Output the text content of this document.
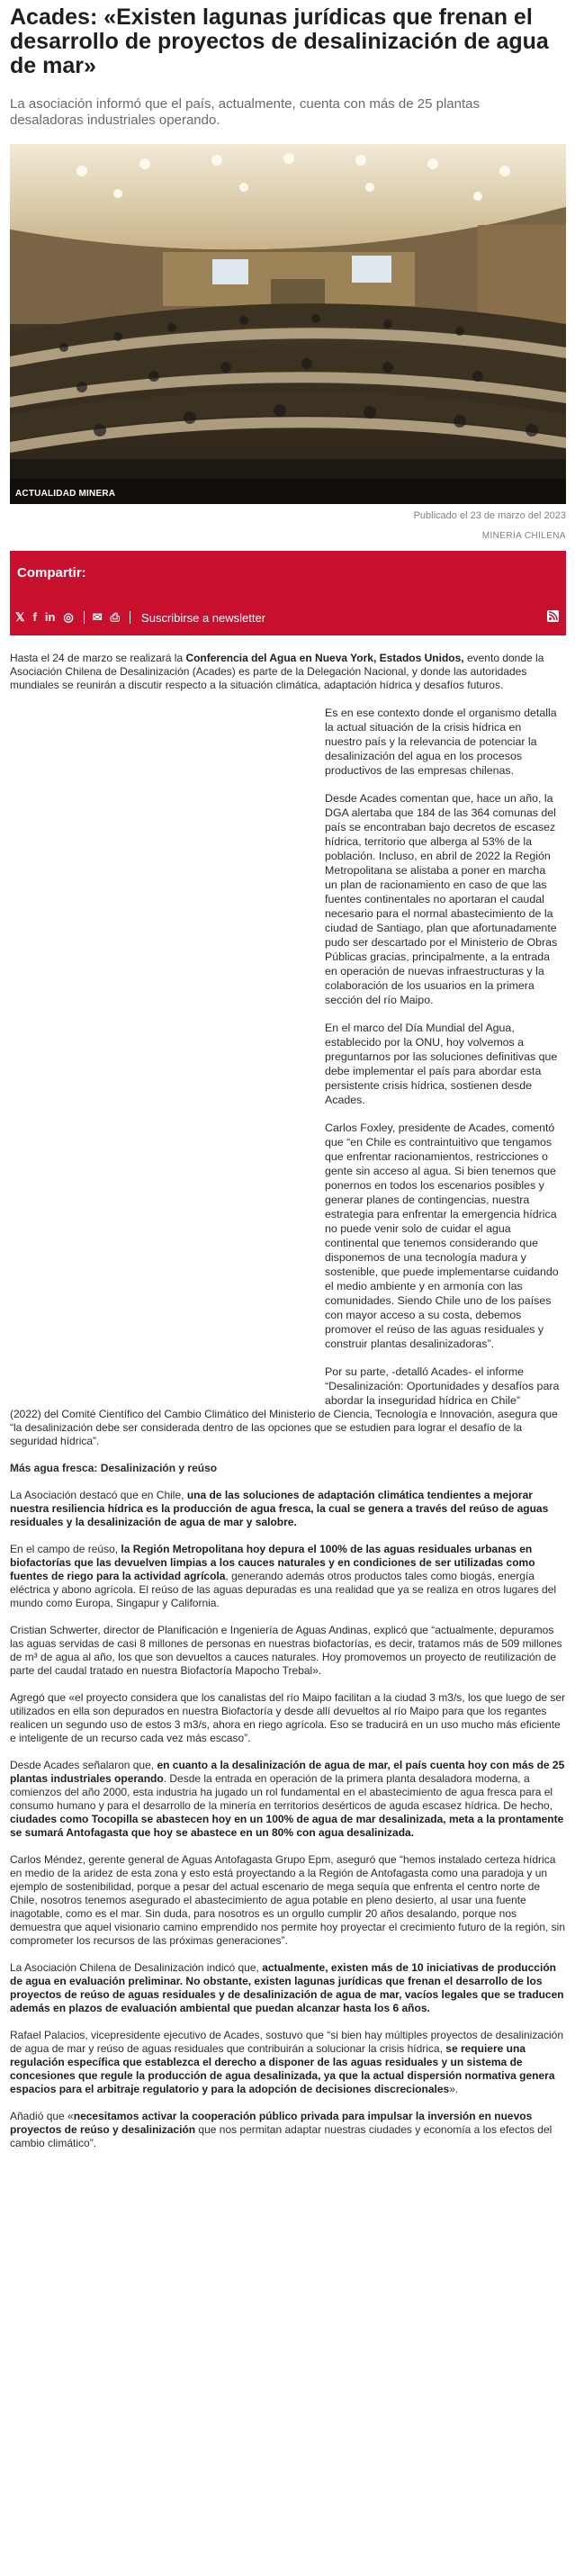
Acades: «Existen lagunas jurídicas que frenan el desarrollo de proyectos de desalinización de agua de mar»

La asociación informó que el país, actualmente, cuenta con más de 25 plantas desaladoras industriales operando.

ACTUALIDAD MINERA
Publicado el 23 de marzo del 2023
MINERÍA CHILENA
Compartir:
𝕏 f in ◎ ✉ ⎙ Suscribirse a newsletter

Hasta el 24 de marzo se realizará la Conferencia del Agua en Nueva York, Estados Unidos, evento donde la Asociación Chilena de Desalinización (Acades) es parte de la Delegación Nacional, y donde las autoridades mundiales se reunirán a discutir respecto a la situación climática, adaptación hídrica y desafíos futuros.

Es en ese contexto donde el organismo detalla la actual situación de la crisis hídrica en nuestro país y la relevancia de potenciar la desalinización del agua en los procesos productivos de las empresas chilenas.

Desde Acades comentan que, hace un año, la DGA alertaba que 184 de las 364 comunas del país se encontraban bajo decretos de escasez hídrica, territorio que alberga al 53% de la población. Incluso, en abril de 2022 la Región Metropolitana se alistaba a poner en marcha un plan de racionamiento en caso de que las fuentes continentales no aportaran el caudal necesario para el normal abastecimiento de la ciudad de Santiago, plan que afortunadamente pudo ser descartado por el Ministerio de Obras Públicas gracias, principalmente, a la entrada en operación de nuevas infraestructuras y la colaboración de los usuarios en la primera sección del río Maipo.

En el marco del Día Mundial del Agua, establecido por la ONU, hoy volvemos a preguntarnos por las soluciones definitivas que debe implementar el país para abordar esta persistente crisis hídrica, sostienen desde Acades.

Carlos Foxley, presidente de Acades, comentó que “en Chile es contraintuitivo que tengamos que enfrentar racionamientos, restricciones o gente sin acceso al agua. Si bien tenemos que ponernos en todos los escenarios posibles y generar planes de contingencias, nuestra estrategia para enfrentar la emergencia hídrica no puede venir solo de cuidar el agua continental que tenemos considerando que disponemos de una tecnología madura y sostenible, que puede implementarse cuidando el medio ambiente y en armonía con las comunidades. Siendo Chile uno de los países con mayor acceso a su costa, debemos promover el reúso de las aguas residuales y construir plantas desalinizadoras”.

Por su parte, -detalló Acades- el informe “Desalinización: Oportunidades y desafíos para abordar la inseguridad hídrica en Chile”

(2022) del Comité Científico del Cambio Climático del Ministerio de Ciencia, Tecnología e Innovación, asegura que “la desalinización debe ser considerada dentro de las opciones que se estudien para lograr el desafío de la seguridad hídrica”.

Más agua fresca: Desalinización y reúso

La Asociación destacó que en Chile, una de las soluciones de adaptación climática tendientes a mejorar nuestra resiliencia hídrica es la producción de agua fresca, la cual se genera a través del reúso de aguas residuales y la desalinización de agua de mar y salobre.

En el campo de reúso, la Región Metropolitana hoy depura el 100% de las aguas residuales urbanas en biofactorías que las devuelven limpias a los cauces naturales y en condiciones de ser utilizadas como fuentes de riego para la actividad agrícola, generando además otros productos tales como biogás, energía eléctrica y abono agrícola. El reúso de las aguas depuradas es una realidad que ya se realiza en otros lugares del mundo como Europa, Singapur y California.

Cristian Schwerter, director de Planificación e Ingeniería de Aguas Andinas, explicó que “actualmente, depuramos las aguas servidas de casi 8 millones de personas en nuestras biofactorías, es decir, tratamos más de 509 millones de m³ de agua al año, los que son devueltos a cauces naturales. Hoy promovemos un proyecto de reutilización de parte del caudal tratado en nuestra Biofactoría Mapocho Trebal».

Agregó que «el proyecto considera que los canalistas del río Maipo facilitan a la ciudad 3 m3/s, los que luego de ser utilizados en ella son depurados en nuestra Biofactoría y desde allí devueltos al río Maipo para que los regantes realicen un segundo uso de estos 3 m3/s, ahora en riego agrícola. Eso se traducirá en un uso mucho más eficiente e inteligente de un recurso cada vez más escaso”.

Desde Acades señalaron que, en cuanto a la desalinización de agua de mar, el país cuenta hoy con más de 25 plantas industriales operando. Desde la entrada en operación de la primera planta desaladora moderna, a comienzos del año 2000, esta industria ha jugado un rol fundamental en el abastecimiento de agua fresca para el consumo humano y para el desarrollo de la minería en territorios desérticos de aguda escasez hídrica. De hecho, ciudades como Tocopilla se abastecen hoy en un 100% de agua de mar desalinizada, meta a la prontamente se sumará Antofagasta que hoy se abastece en un 80% con agua desalinizada.

Carlos Méndez, gerente general de Aguas Antofagasta Grupo Epm, aseguró que “hemos instalado certeza hídrica en medio de la aridez de esta zona y esto está proyectando a la Región de Antofagasta como una paradoja y un ejemplo de sostenibilidad, porque a pesar del actual escenario de mega sequía que enfrenta el centro norte de Chile, nosotros tenemos asegurado el abastecimiento de agua potable en pleno desierto, al usar una fuente inagotable, como es el mar. Sin duda, para nosotros es un orgullo cumplir 20 años desalando, porque nos demuestra que aquel visionario camino emprendido nos permite hoy proyectar el crecimiento futuro de la región, sin comprometer los recursos de las próximas generaciones”.

La Asociación Chilena de Desalinización indicó que, actualmente, existen más de 10 iniciativas de producción de agua en evaluación preliminar. No obstante, existen lagunas jurídicas que frenan el desarrollo de los proyectos de reúso de aguas residuales y de desalinización de agua de mar, vacíos legales que se traducen además en plazos de evaluación ambiental que puedan alcanzar hasta los 6 años.

Rafael Palacios, vicepresidente ejecutivo de Acades, sostuvo que “si bien hay múltiples proyectos de desalinización de agua de mar y reúso de aguas residuales que contribuirán a solucionar la crisis hídrica, se requiere una regulación específica que establezca el derecho a disponer de las aguas residuales y un sistema de concesiones que regule la producción de agua desalinizada, ya que la actual dispersión normativa genera espacios para el arbitraje regulatorio y para la adopción de decisiones discrecionales».

Añadió que «necesitamos activar la cooperación público privada para impulsar la inversión en nuevos proyectos de reúso y desalinización que nos permitan adaptar nuestras ciudades y economía a los efectos del cambio climático”.
